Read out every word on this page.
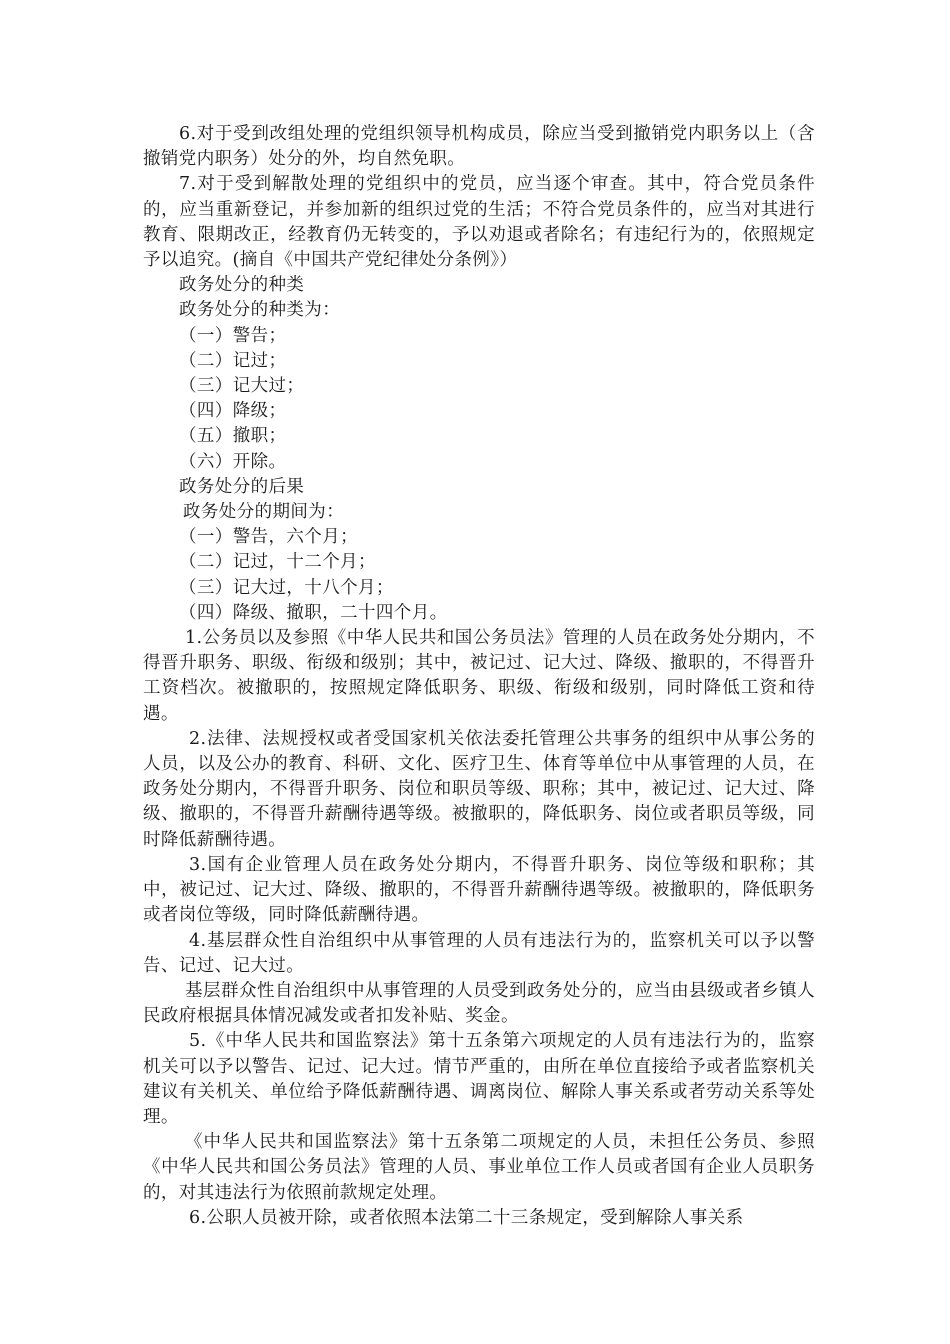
6.对于受到改组处理的党组织领导机构成员，除应当受到撤销党内职务以上（含撤销党内职务）处分的外，均自然免职。

7.对于受到解散处理的党组织中的党员，应当逐个审查。其中，符合党员条件的，应当重新登记，并参加新的组织过党的生活；不符合党员条件的，应当对其进行教育、限期改正，经教育仍无转变的，予以劝退或者除名；有违纪行为的，依照规定予以追究。(摘自《中国共产党纪律处分条例》）

政务处分的种类

政务处分的种类为：

（一）警告；

（二）记过；

（三）记大过；

（四）降级；

（五）撤职；

（六）开除。

政务处分的后果

政务处分的期间为：

（一）警告，六个月；

（二）记过，十二个月；

（三）记大过，十八个月；

（四）降级、撤职，二十四个月。

1.公务员以及参照《中华人民共和国公务员法》管理的人员在政务处分期内，不得晋升职务、职级、衔级和级别；其中，被记过、记大过、降级、撤职的，不得晋升工资档次。被撤职的，按照规定降低职务、职级、衔级和级别，同时降低工资和待遇。

2.法律、法规授权或者受国家机关依法委托管理公共事务的组织中从事公务的人员，以及公办的教育、科研、文化、医疗卫生、体育等单位中从事管理的人员，在政务处分期内，不得晋升职务、岗位和职员等级、职称；其中，被记过、记大过、降级、撤职的，不得晋升薪酬待遇等级。被撤职的，降低职务、岗位或者职员等级，同时降低薪酬待遇。

3.国有企业管理人员在政务处分期内，不得晋升职务、岗位等级和职称；其中，被记过、记大过、降级、撤职的，不得晋升薪酬待遇等级。被撤职的，降低职务或者岗位等级，同时降低薪酬待遇。

4.基层群众性自治组织中从事管理的人员有违法行为的，监察机关可以予以警告、记过、记大过。

基层群众性自治组织中从事管理的人员受到政务处分的，应当由县级或者乡镇人民政府根据具体情况减发或者扣发补贴、奖金。

5.《中华人民共和国监察法》第十五条第六项规定的人员有违法行为的，监察机关可以予以警告、记过、记大过。情节严重的，由所在单位直接给予或者监察机关建议有关机关、单位给予降低薪酬待遇、调离岗位、解除人事关系或者劳动关系等处理。

《中华人民共和国监察法》第十五条第二项规定的人员，未担任公务员、参照《中华人民共和国公务员法》管理的人员、事业单位工作人员或者国有企业人员职务的，对其违法行为依照前款规定处理。

6.公职人员被开除，或者依照本法第二十三条规定，受到解除人事关系
